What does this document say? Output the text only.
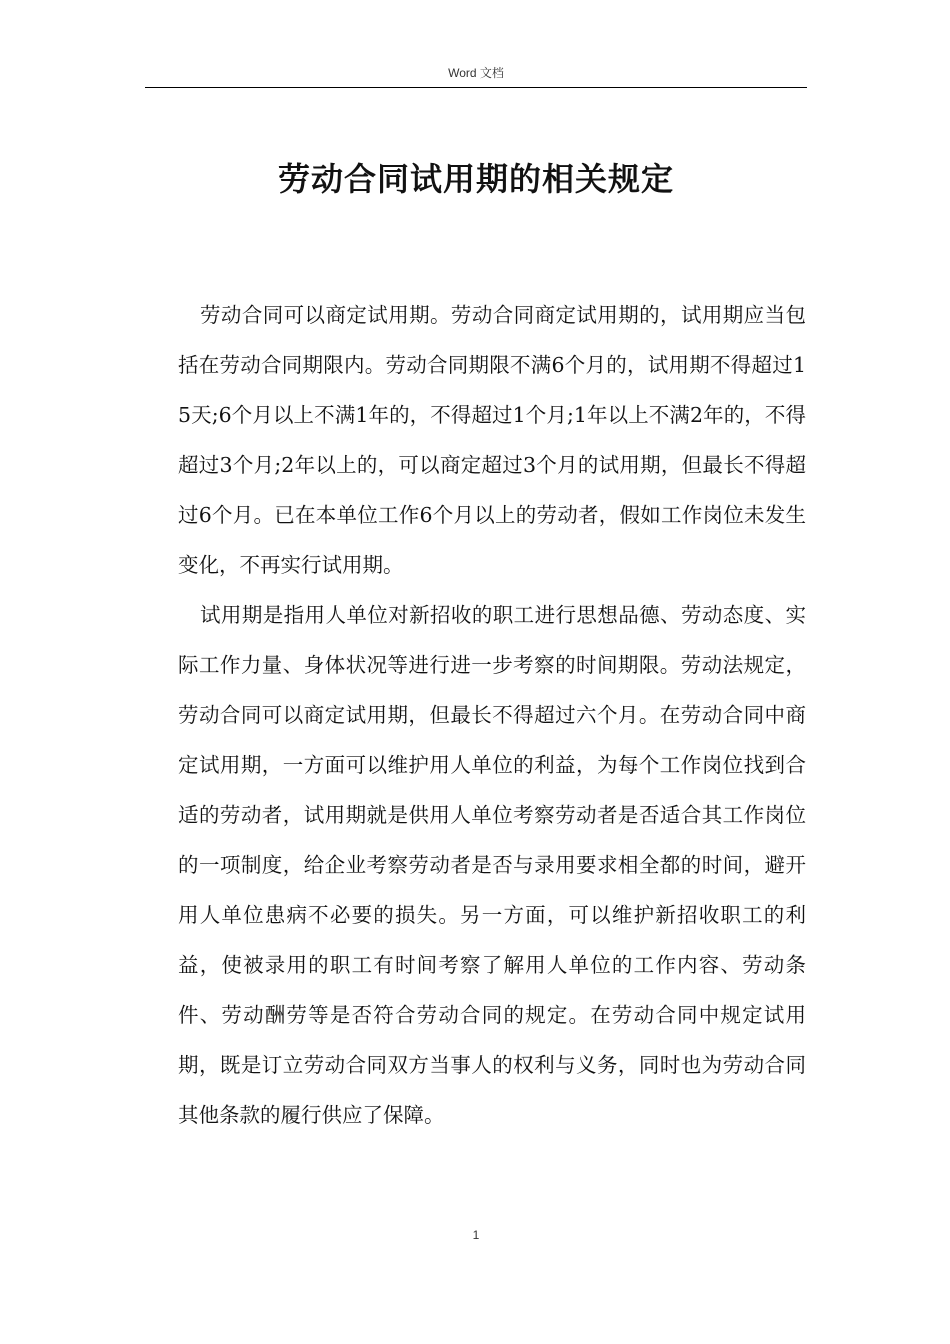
Word 文档
劳动合同试用期的相关规定

劳动合同可以商定试用期。劳动合同商定试用期的，试用期应当包括在劳动合同期限内。劳动合同期限不满6个月的，试用期不得超过15天;6个月以上不满1年的，不得超过1个月;1年以上不满2年的，不得超过3个月;2年以上的，可以商定超过3个月的试用期，但最长不得超过6个月。已在本单位工作6个月以上的劳动者，假如工作岗位未发生变化，不再实行试用期。

试用期是指用人单位对新招收的职工进行思想品德、劳动态度、实际工作力量、身体状况等进行进一步考察的时间期限。劳动法规定，劳动合同可以商定试用期，但最长不得超过六个月。在劳动合同中商定试用期，一方面可以维护用人单位的利益，为每个工作岗位找到合适的劳动者，试用期就是供用人单位考察劳动者是否适合其工作岗位的一项制度，给企业考察劳动者是否与录用要求相全都的时间，避开用人单位患病不必要的损失。另一方面，可以维护新招收职工的利益，使被录用的职工有时间考察了解用人单位的工作内容、劳动条件、劳动酬劳等是否符合劳动合同的规定。在劳动合同中规定试用期，既是订立劳动合同双方当事人的权利与义务，同时也为劳动合同其他条款的履行供应了保障。

1
